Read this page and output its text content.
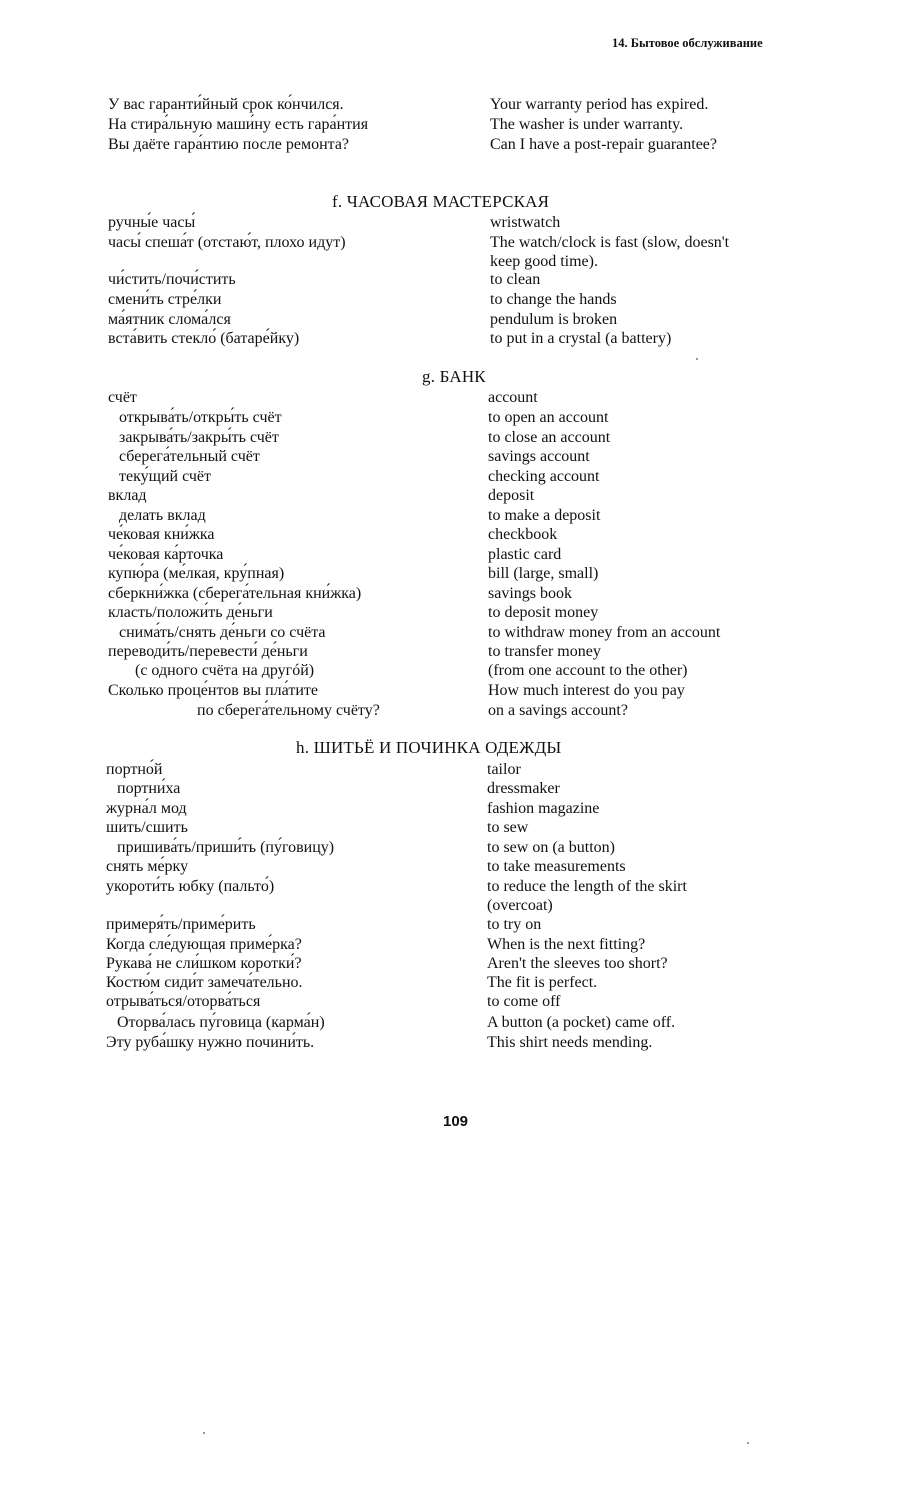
14. Бытовое обслуживание
У вас гаранти́йный срок ко́нчился.	Your warranty period has expired.
На стира́льную маши́ну есть гара́нтия	The washer is under warranty.
Вы даёте гара́нтию после ремонта?	Can I have a post-repair guarantee?
f. ЧАСОВАЯ МАСТЕРСКАЯ
ручны́е часы́	wristwatch
часы́ спеша́т (отстаю́т, плохо идут)	The watch/clock is fast (slow, doesn't
keep good time).
чи́стить/почи́стить	to clean
смени́ть стре́лки	to change the hands
ма́ятник слома́лся	pendulum is broken
вста́вить стекло́ (батаре́йку)	to put in a crystal (a battery)
g. БАНК
счёт	account
открыва́ть/откры́ть счёт	to open an account
закрыва́ть/закры́ть счёт	to close an account
сберега́тельный счёт	savings account
теку́щий счёт	checking account
вклад	deposit
делать вклад	to make a deposit
че́ковая кни́жка	checkbook
че́ковая ка́рточка	plastic card
купю́ра (ме́лкая, кру́пная)	bill (large, small)
сберкни́жка (сберега́тельная кни́жка)	savings book
класть/положи́ть де́ньги	to deposit money
снима́ть/снять де́ньги со счёта	to withdraw money from an account
переводи́ть/перевести́ де́ньги	to transfer money
(с одного счёта на другóй)	(from one account to the other)
Сколько проце́нтов вы пла́тите	How much interest do you pay
по сберега́тельному счёту?	on a savings account?
h. ШИТЬЁ И ПОЧИНКА ОДЕЖДЫ
портно́й	tailor
портни́ха	dressmaker
журна́л мод	fashion magazine
шить/сшить	to sew
пришива́ть/приши́ть (пу́говицу)	to sew on (a button)
снять ме́рку	to take measurements
укороти́ть юбку (пальто́)	to reduce the length of the skirt
(overcoat)
примеря́ть/приме́рить	to try on
Когда сле́дующая приме́рка?	When is the next fitting?
Рукава́ не сли́шком коротки́?	Aren't the sleeves too short?
Костю́м сиди́т замеча́тельно.	The fit is perfect.
отрыва́ться/оторва́ться	to come off
Оторва́лась пу́говица (карма́н)	A button (a pocket) came off.
Эту руба́шку нужно почини́ть.	This shirt needs mending.
109
